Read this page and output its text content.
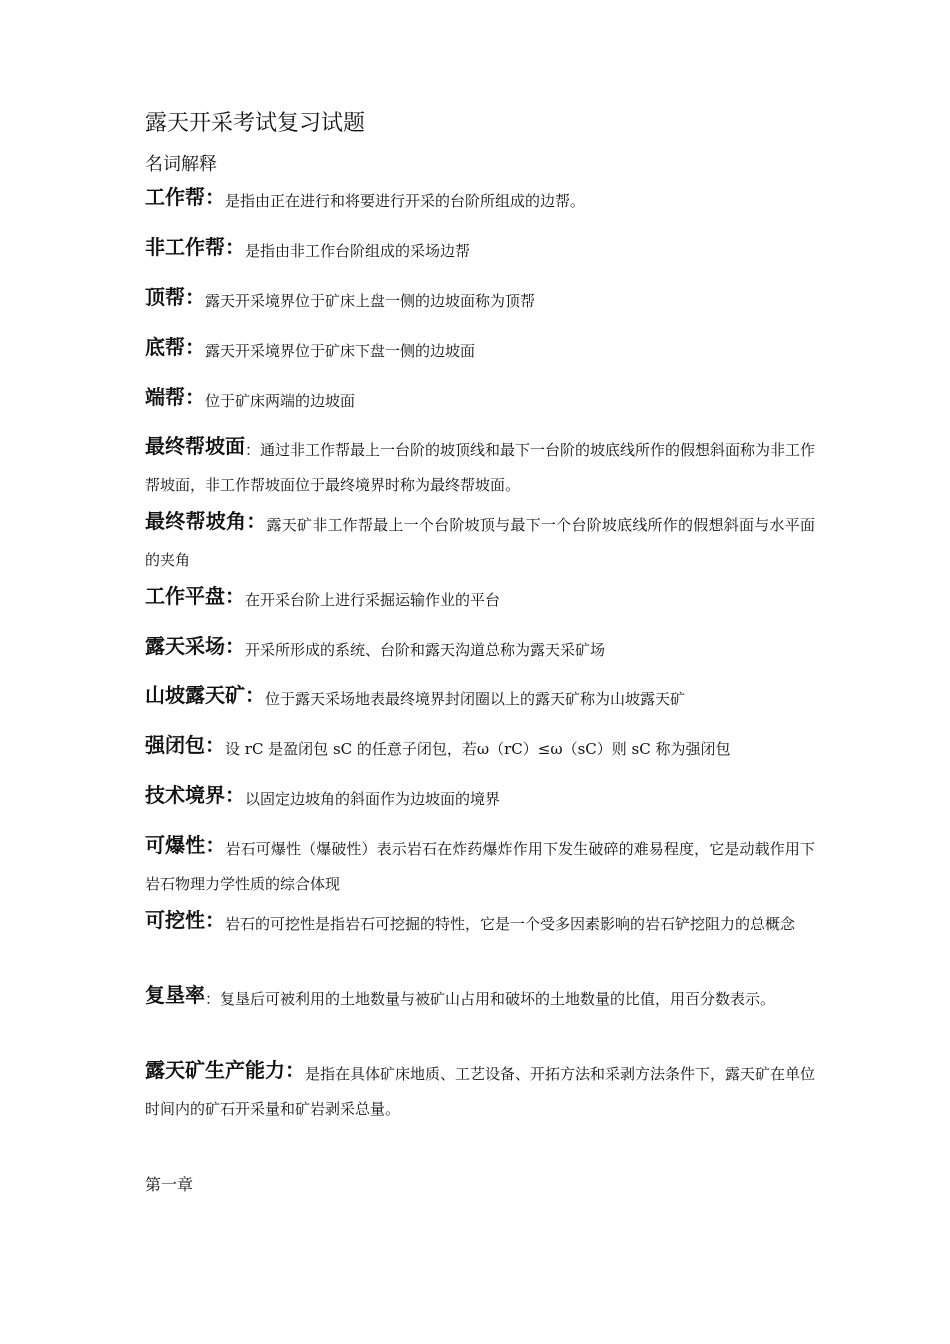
露天开采考试复习试题
名词解释
工作帮：是指由正在进行和将要进行开采的台阶所组成的边帮。
非工作帮：是指由非工作台阶组成的采场边帮
顶帮：露天开采境界位于矿床上盘一侧的边坡面称为顶帮
底帮：露天开采境界位于矿床下盘一侧的边坡面
端帮：位于矿床两端的边坡面
最终帮坡面：通过非工作帮最上一台阶的坡顶线和最下一台阶的坡底线所作的假想斜面称为非工作帮坡面，非工作帮坡面位于最终境界时称为最终帮坡面。
最终帮坡角：露天矿非工作帮最上一个台阶坡顶与最下一个台阶坡底线所作的假想斜面与水平面的夹角
工作平盘：在开采台阶上进行采掘运输作业的平台
露天采场：开采所形成的系统、台阶和露天沟道总称为露天采矿场
山坡露天矿：位于露天采场地表最终境界封闭圈以上的露天矿称为山坡露天矿
强闭包：设 rC 是盈闭包 sC 的任意子闭包，若ω（rC）≤ω（sC）则 sC 称为强闭包
技术境界：以固定边坡角的斜面作为边坡面的境界
可爆性：岩石可爆性（爆破性）表示岩石在炸药爆炸作用下发生破碎的难易程度，它是动载作用下岩石物理力学性质的综合体现
可挖性：岩石的可挖性是指岩石可挖掘的特性，它是一个受多因素影响的岩石铲挖阻力的总概念
复垦率：复垦后可被利用的土地数量与被矿山占用和破坏的土地数量的比值，用百分数表示。
露天矿生产能力：是指在具体矿床地质、工艺设备、开拓方法和采剥方法条件下，露天矿在单位时间内的矿石开采量和矿岩剥采总量。
第一章
